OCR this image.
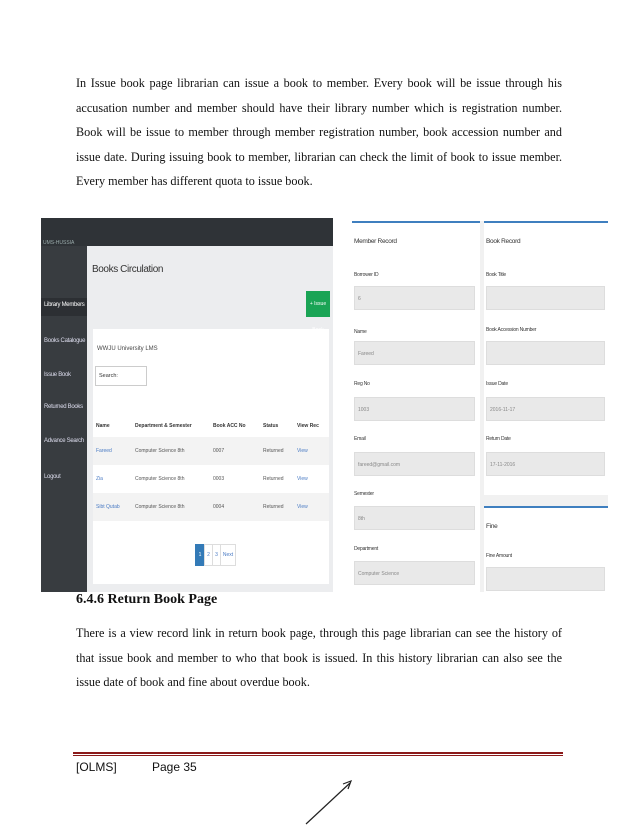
In Issue book page librarian can issue a book to member. Every book will be issue through his accusation number and member should have their library number which is registration number. Book will be issue to member through member registration number, book accession number and issue date. During issuing book to member, librarian can check the limit of book to issue member. Every member has different quota to issue book.
UMS-HUSSIA
Library Members
Books Catalogue
Issue Book
Returned Books
Advance Search
Logout
Books Circulation
+ Issue
WWJU University LMS
Search:
Name	Department & Semester	Book ACC No	Status	View Rec
Fareed	Computer Science 8th	0007	Returned	View
Zia	Computer Science 8th	0003	Returned	View
Sibt Qutab	Computer Science 8th	0004	Returned	View
1	2	3 Next
Member Record
Borrower ID
6
Name
Fareed
Reg No
1003
Email
fareed@gmail.com
Semester
8th
Department
Computer Science
Book Record
Book Title
Book Accession Number
Issue Date
2016-11-17
Return Date
17-11-2016
Fine
Fine Amount
6.4.6 Return Book Page
There is a view record link in return book page, through this page librarian can see the history of that issue book and member to who that book is issued. In this history librarian can also see the issue date of book and fine about overdue book.
[OLMS]	Page 35
